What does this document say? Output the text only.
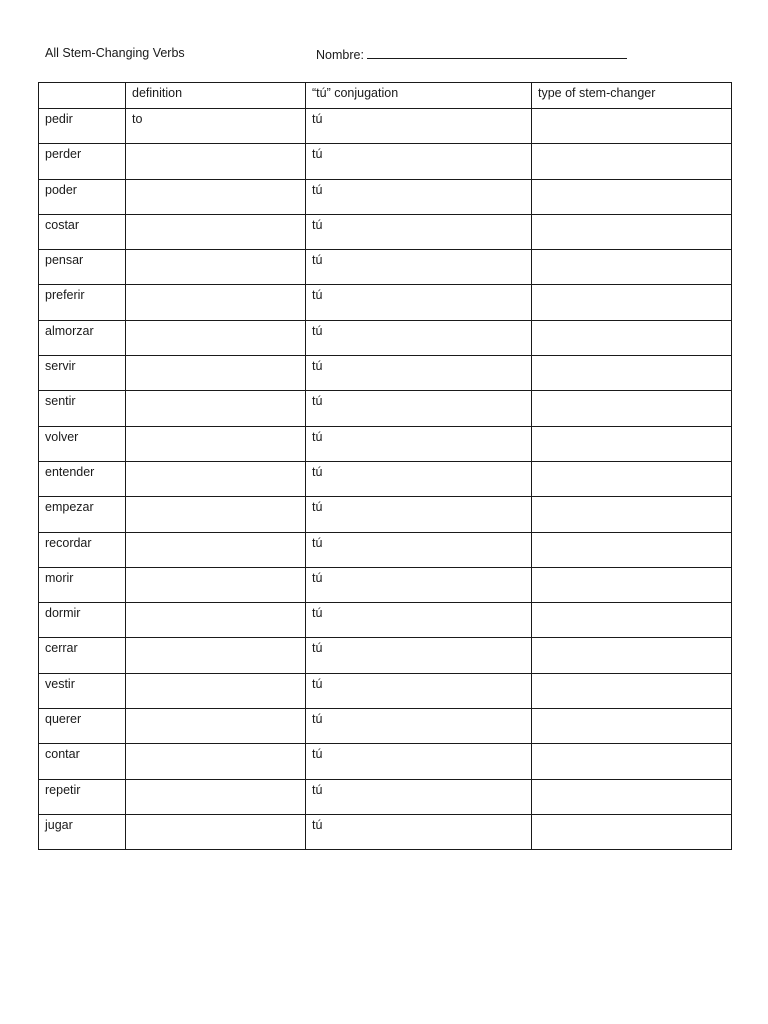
All Stem-Changing Verbs	Nombre:
	definition	“tú” conjugation	type of stem-changer
pedir	to	tú	
perder		tú	
poder		tú	
costar		tú	
pensar		tú	
preferir		tú	
almorzar		tú	
servir		tú	
sentir		tú	
volver		tú	
entender		tú	
empezar		tú	
recordar		tú	
morir		tú	
dormir		tú	
cerrar		tú	
vestir		tú	
querer		tú	
contar		tú	
repetir		tú	
jugar		tú	
